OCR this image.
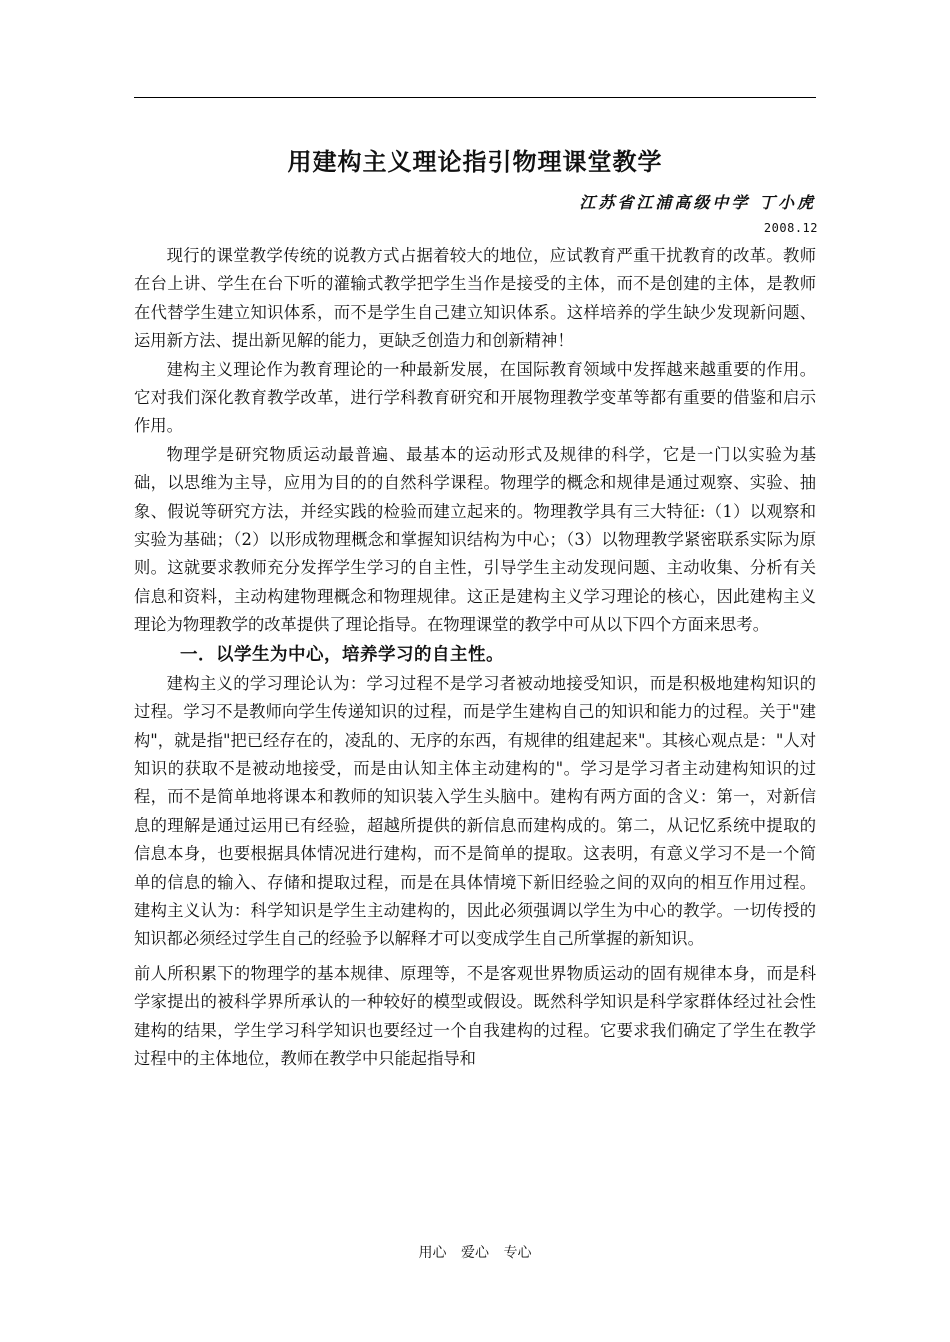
用建构主义理论指引物理课堂教学
江苏省江浦高级中学 丁小虎
2008.12

现行的课堂教学传统的说教方式占据着较大的地位，应试教育严重干扰教育的改革。教师在台上讲、学生在台下听的灌输式教学把学生当作是接受的主体，而不是创建的主体，是教师在代替学生建立知识体系，而不是学生自己建立知识体系。这样培养的学生缺少发现新问题、运用新方法、提出新见解的能力，更缺乏创造力和创新精神！

建构主义理论作为教育理论的一种最新发展，在国际教育领域中发挥越来越重要的作用。它对我们深化教育教学改革，进行学科教育研究和开展物理教学变革等都有重要的借鉴和启示作用。

物理学是研究物质运动最普遍、最基本的运动形式及规律的科学，它是一门以实验为基础，以思维为主导，应用为目的的自然科学课程。物理学的概念和规律是通过观察、实验、抽象、假说等研究方法，并经实践的检验而建立起来的。物理教学具有三大特征:（1）以观察和实验为基础；（2）以形成物理概念和掌握知识结构为中心；（3）以物理教学紧密联系实际为原则。这就要求教师充分发挥学生学习的自主性，引导学生主动发现问题、主动收集、分析有关信息和资料，主动构建物理概念和物理规律。这正是建构主义学习理论的核心，因此建构主义理论为物理教学的改革提供了理论指导。在物理课堂的教学中可从以下四个方面来思考。

一．以学生为中心，培养学习的自主性。

建构主义的学习理论认为：学习过程不是学习者被动地接受知识，而是积极地建构知识的过程。学习不是教师向学生传递知识的过程，而是学生建构自己的知识和能力的过程。关于"建构"，就是指"把已经存在的，凌乱的、无序的东西，有规律的组建起来"。其核心观点是："人对知识的获取不是被动地接受，而是由认知主体主动建构的"。学习是学习者主动建构知识的过程，而不是简单地将课本和教师的知识装入学生头脑中。建构有两方面的含义：第一，对新信息的理解是通过运用已有经验，超越所提供的新信息而建构成的。第二，从记忆系统中提取的信息本身，也要根据具体情况进行建构，而不是简单的提取。这表明，有意义学习不是一个简单的信息的输入、存储和提取过程，而是在具体情境下新旧经验之间的双向的相互作用过程。建构主义认为：科学知识是学生主动建构的，因此必须强调以学生为中心的教学。一切传授的知识都必须经过学生自己的经验予以解释才可以变成学生自己所掌握的新知识。

前人所积累下的物理学的基本规律、原理等，不是客观世界物质运动的固有规律本身，而是科学家提出的被科学界所承认的一种较好的模型或假设。既然科学知识是科学家群体经过社会性建构的结果，学生学习科学知识也要经过一个自我建构的过程。它要求我们确定了学生在教学过程中的主体地位，教师在教学中只能起指导和

用心 爱心 专心
